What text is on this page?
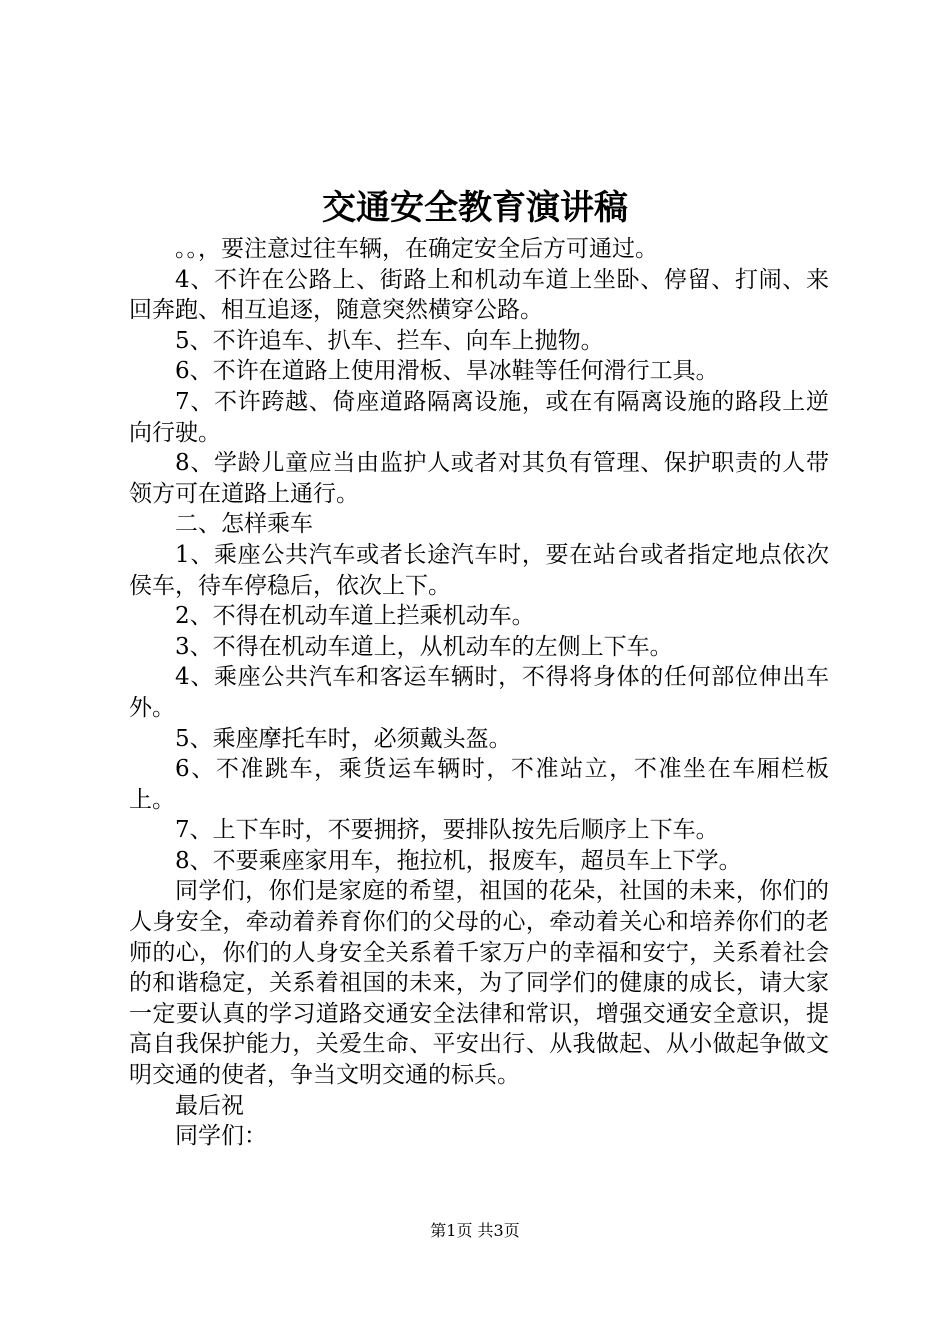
交通安全教育演讲稿

。。，要注意过往车辆，在确定安全后方可通过。

4、不许在公路上、街路上和机动车道上坐卧、停留、打闹、来回奔跑、相互追逐，随意突然横穿公路。

5、不许追车、扒车、拦车、向车上抛物。

6、不许在道路上使用滑板、旱冰鞋等任何滑行工具。

7、不许跨越、倚座道路隔离设施，或在有隔离设施的路段上逆向行驶。

8、学龄儿童应当由监护人或者对其负有管理、保护职责的人带领方可在道路上通行。

二、怎样乘车

1、乘座公共汽车或者长途汽车时，要在站台或者指定地点依次侯车，待车停稳后，依次上下。

2、不得在机动车道上拦乘机动车。

3、不得在机动车道上，从机动车的左侧上下车。

4、乘座公共汽车和客运车辆时，不得将身体的任何部位伸出车外。

5、乘座摩托车时，必须戴头盔。

6、不准跳车，乘货运车辆时，不准站立，不准坐在车厢栏板上。

7、上下车时，不要拥挤，要排队按先后顺序上下车。

8、不要乘座家用车，拖拉机，报废车，超员车上下学。

同学们，你们是家庭的希望，祖国的花朵，社国的未来，你们的人身安全，牵动着养育你们的父母的心，牵动着关心和培养你们的老师的心，你们的人身安全关系着千家万户的幸福和安宁，关系着社会的和谐稳定，关系着祖国的未来，为了同学们的健康的成长，请大家一定要认真的学习道路交通安全法律和常识，增强交通安全意识，提高自我保护能力，关爱生命、平安出行、从我做起、从小做起争做文明交通的使者，争当文明交通的标兵。

最后祝

同学们：

第1页 共3页
